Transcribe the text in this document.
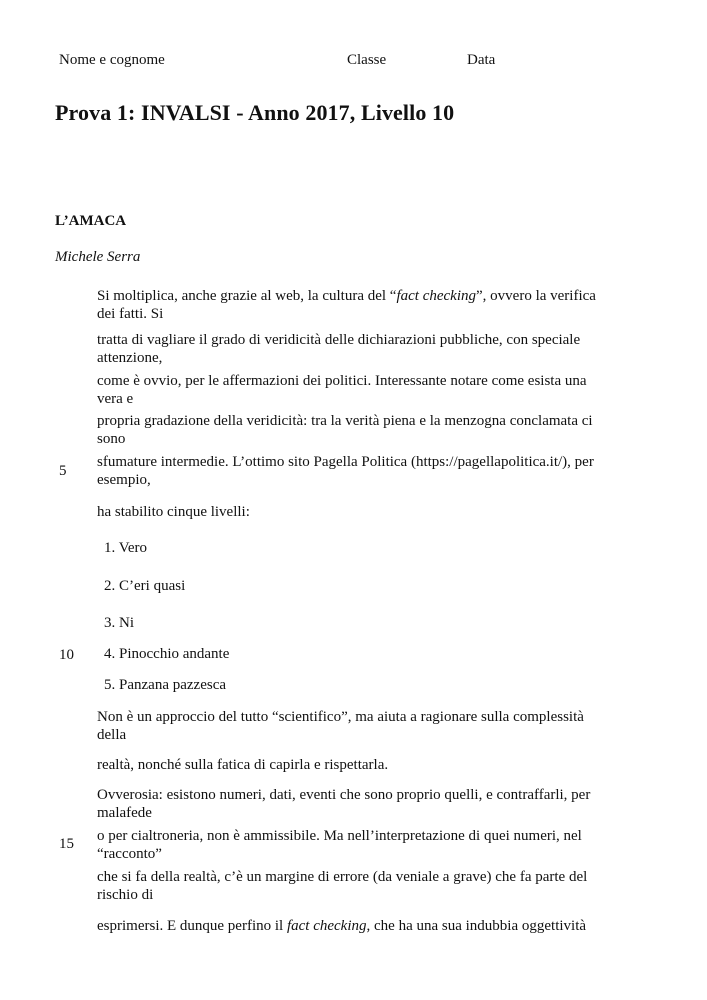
Nome e cognome	Classe	Data
Prova 1: INVALSI - Anno 2017, Livello 10
L’AMACA
Michele Serra
Si moltiplica, anche grazie al web, la cultura del “fact checking”, ovvero la verifica dei fatti. Si
tratta di vagliare il grado di veridicità delle dichiarazioni pubbliche, con speciale attenzione,
come è ovvio, per le affermazioni dei politici. Interessante notare come esista una vera e
propria gradazione della veridicità: tra la verità piena e la menzogna conclamata ci sono
sfumature intermedie. L’ottimo sito Pagella Politica (https://pagellapolitica.it/), per esempio,
5
ha stabilito cinque livelli:
1. Vero
2. C’eri quasi
3. Ni
4. Pinocchio andante
10
5. Panzana pazzesca
Non è un approccio del tutto “scientifico”, ma aiuta a ragionare sulla complessità della
realtà, nonché sulla fatica di capirla e rispettarla.
Ovverosia: esistono numeri, dati, eventi che sono proprio quelli, e contraffarli, per malafede
o per cialtroneria, non è ammissibile. Ma nell’interpretazione di quei numeri, nel “racconto”
15
che si fa della realtà, c’è un margine di errore (da veniale a grave) che fa parte del rischio di
esprimersi. E dunque perfino il fact checking, che ha una sua indubbia oggettività
